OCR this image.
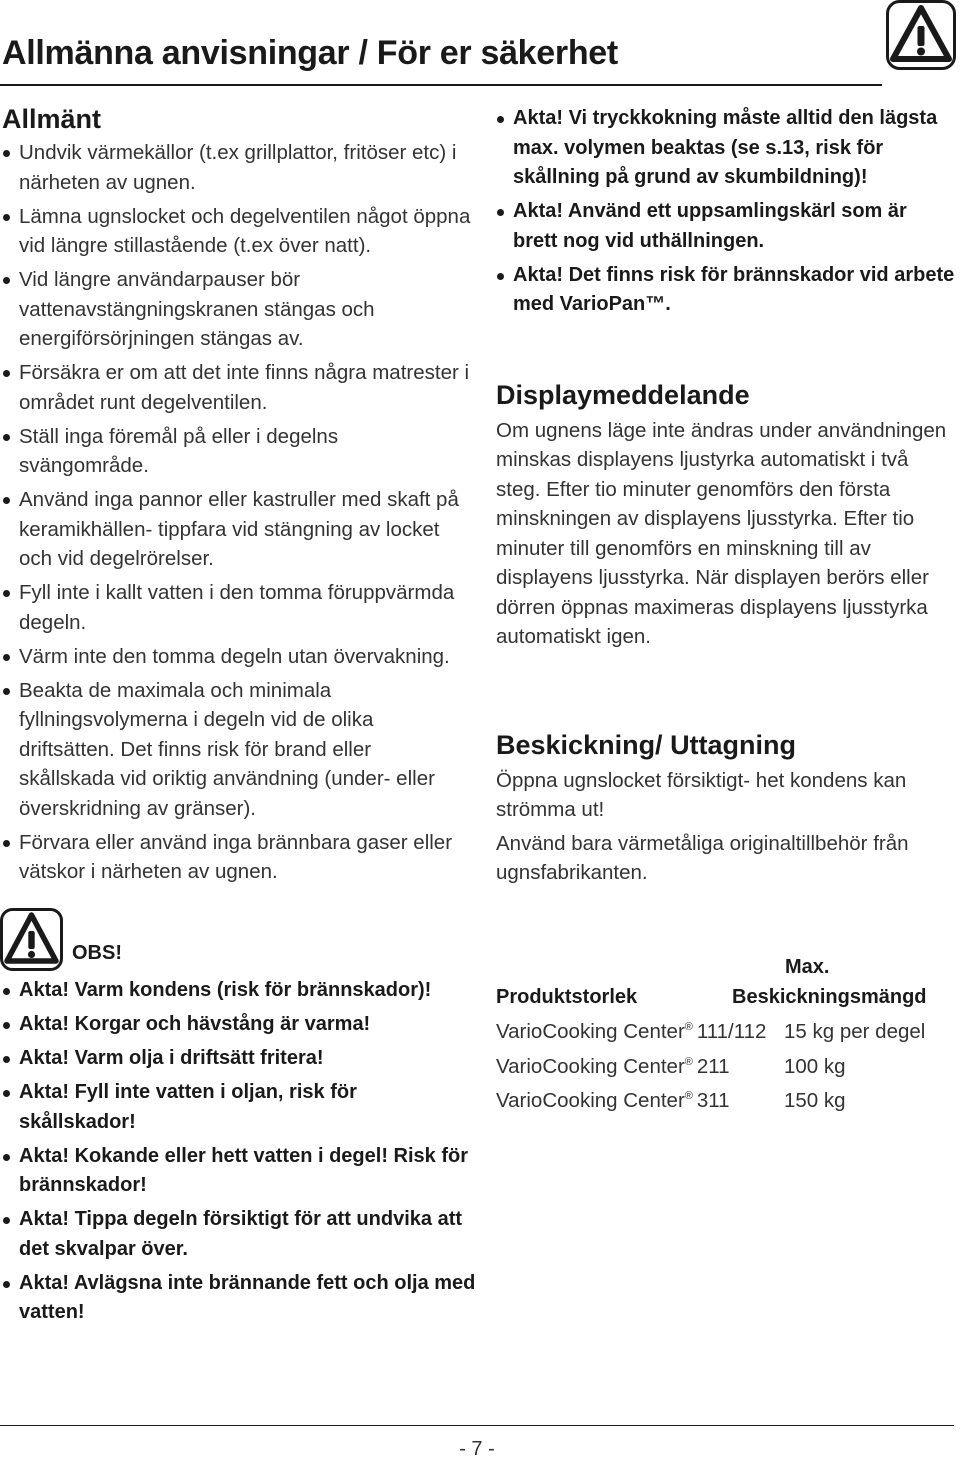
Allmänna anvisningar / För er säkerhet
Allmänt
Undvik värmekällor (t.ex grillplattor, fritöser etc) i närheten av ugnen.
Lämna ugnslocket och degelventilen något öppna vid längre stillastående (t.ex över natt).
Vid längre användarpauser bör vattenavstängningskranen stängas och energiförsörjningen stängas av.
Försäkra er om att det inte finns några matrester i området runt degelventilen.
Ställ inga föremål på eller i degelns svängområde.
Använd inga pannor eller kastruller med skaft på keramikhällen- tippfara vid stängning av locket och vid degelrörelser.
Fyll inte i kallt vatten i den tomma föruppvärmda degeln.
Värm inte den tomma degeln utan övervakning.
Beakta de maximala och minimala fyllningsvolymerna i degeln vid de olika driftsätten. Det finns risk för brand eller skållskada vid oriktig användning (under- eller överskridning av gränser).
Förvara eller använd inga brännbara gaser eller vätskor i närheten av ugnen.
Akta! Vi tryckkokning måste alltid den lägsta max. volymen beaktas (se s.13, risk för skållning på grund av skumbildning)!
Akta! Använd ett uppsamlingskärl som är brett nog vid uthällningen.
Akta! Det finns risk för brännskador vid arbete med VarioPan™.
Displaymeddelande

Om ugnens läge inte ändras under användningen minskas displayens ljustyrka automatiskt i två steg. Efter tio minuter genomförs den första minskningen av displayens ljusstyrka. Efter tio minuter till genomförs en minskning till av displayens ljusstyrka. När displayen berörs eller dörren öppnas maximeras displayens ljusstyrka automatiskt igen.

Beskickning/ Uttagning

Öppna ugnslocket försiktigt- het kondens kan strömma ut!

Använd bara värmetåliga originaltillbehör från ugnsfabrikanten.

OBS!
Akta! Varm kondens (risk för brännskador)!
Akta! Korgar och hävstång är varma!
Akta! Varm olja i driftsätt fritera!
Akta! Fyll inte vatten i oljan, risk för skållskador!
Akta! Kokande eller hett vatten i degel! Risk för brännskador!
Akta! Tippa degeln försiktigt för att undvika att det skvalpar över.
Akta! Avlägsna inte brännande fett och olja med vatten!
Produktstorlek
Max.
Beskickningsmängd
VarioCooking Center® 111/112 15 kg per degel
VarioCooking Center® 211	100 kg
VarioCooking Center® 311	150 kg
- 7 -
